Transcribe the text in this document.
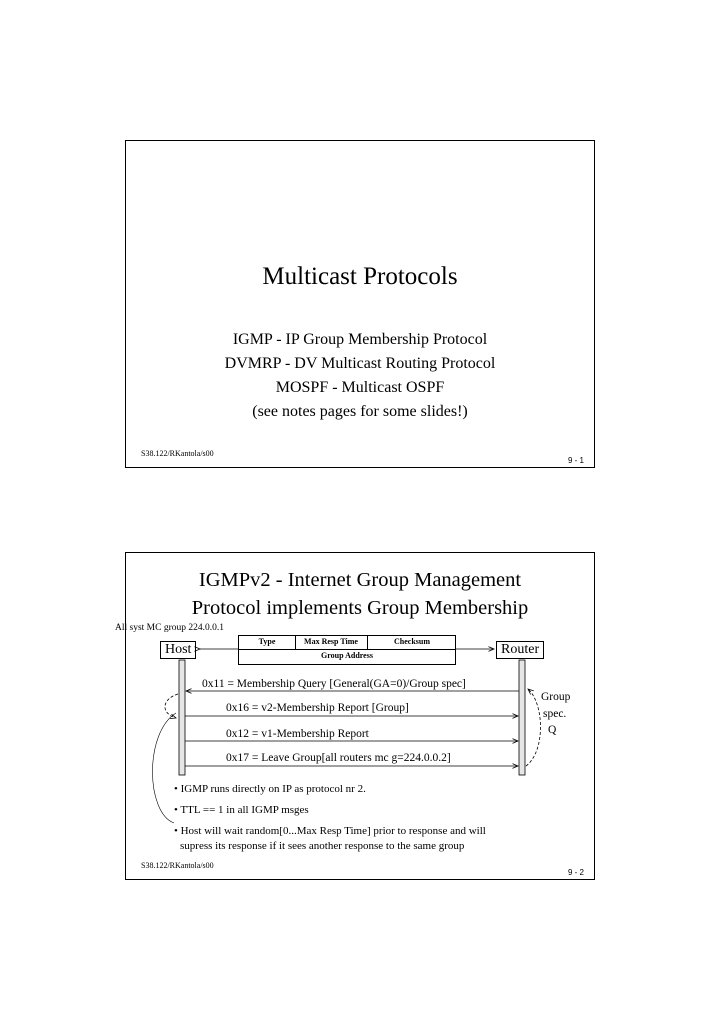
Multicast Protocols
IGMP - IP Group Membership Protocol
DVMRP - DV Multicast Routing Protocol
MOSPF - Multicast OSPF
(see notes pages for some slides!)
S38.122/RKantola/s00
9 - 1
IGMPv2 - Internet Group Management
Protocol implements Group Membership
All syst MC group 224.0.0.1
Type	Max Resp Time	Checksum
Group Address
Host	Router
0x11 = Membership Query [General(GA=0)/Group spec]
0x16 = v2-Membership Report [Group]
0x12 = v1-Membership Report
0x17 = Leave Group[all routers mc g=224.0.0.2]
Group
spec.
Q
• IGMP runs directly on IP as protocol nr 2.
• TTL == 1 in all IGMP msges
• Host will wait random[0...Max Resp Time] prior to response and will
supress its response if it sees another response to the same group
S38.122/RKantola/s00
9 - 2
